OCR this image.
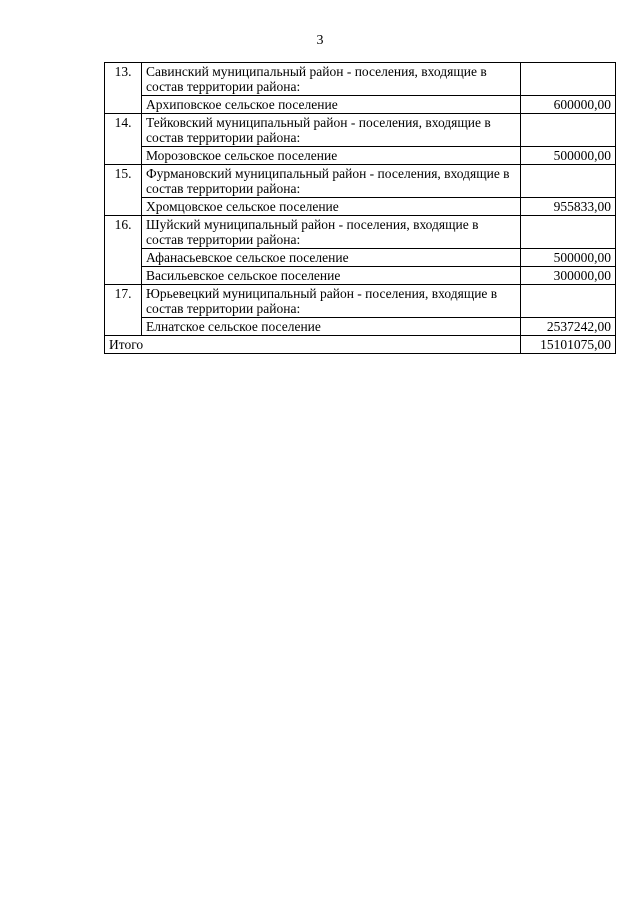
3
13.	Савинский муниципальный район - поселения, входящие в состав территории района:	
	Архиповское сельское поселение	600000,00
14.	Тейковский муниципальный район - поселения, входящие в состав территории района:	
	Морозовское сельское поселение	500000,00
15.	Фурмановский муниципальный район - поселения, входящие в состав территории района:	
	Хромцовское сельское поселение	955833,00
16.	Шуйский муниципальный район - поселения, входящие в состав территории района:	
	Афанасьевское сельское поселение	500000,00
	Васильевское сельское поселение	300000,00
17.	Юрьевецкий муниципальный район - поселения, входящие в состав территории района:	
	Елнатское сельское поселение	2537242,00
Итого		15101075,00
